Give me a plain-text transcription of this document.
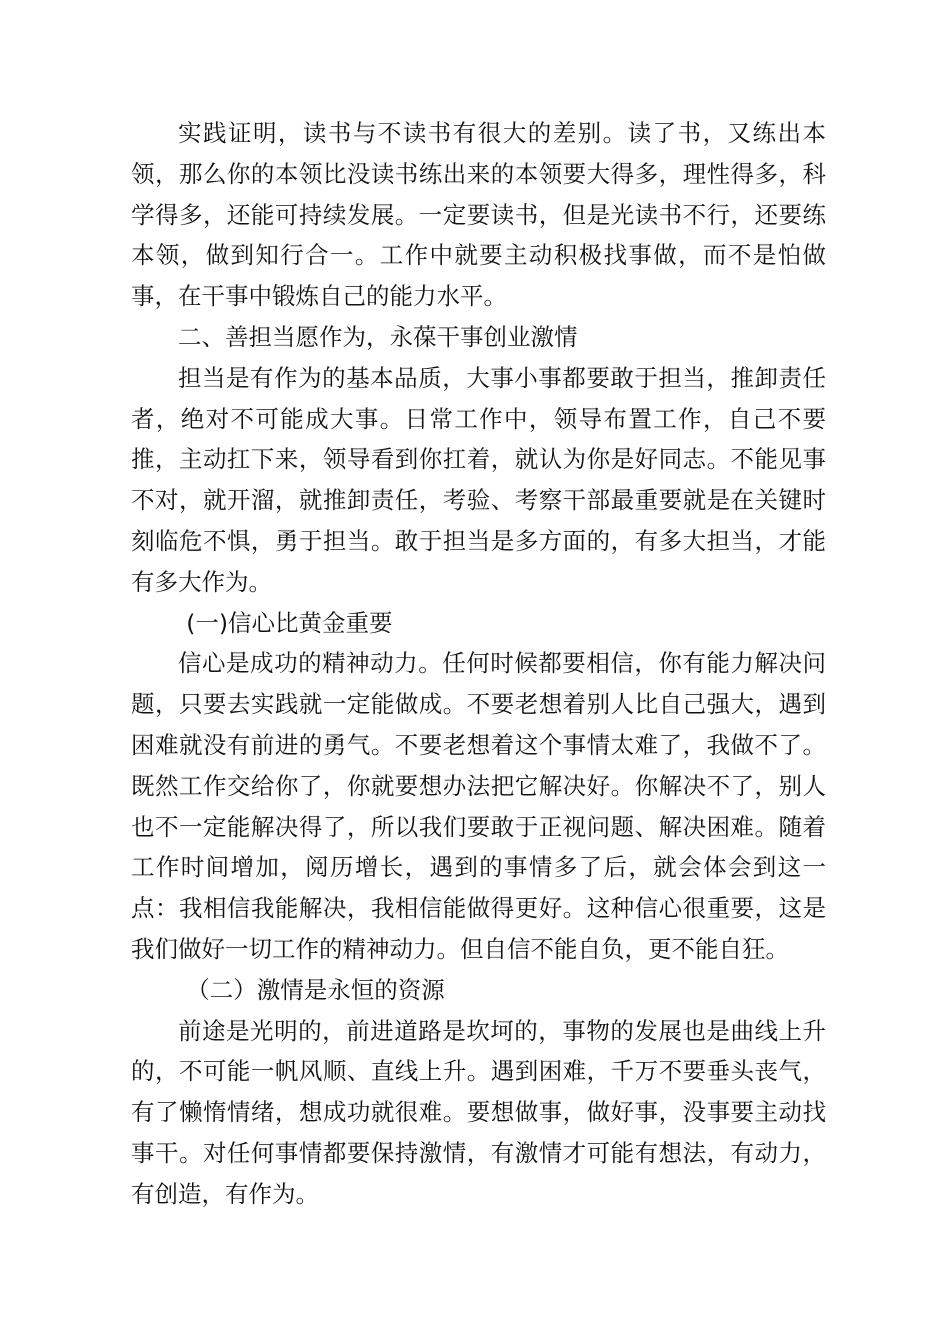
实践证明，读书与不读书有很大的差别。读了书，又练出本领，那么你的本领比没读书练出来的本领要大得多，理性得多，科学得多，还能可持续发展。一定要读书，但是光读书不行，还要练本领，做到知行合一。工作中就要主动积极找事做，而不是怕做事，在干事中锻炼自己的能力水平。

二、善担当愿作为，永葆干事创业激情

担当是有作为的基本品质，大事小事都要敢于担当，推卸责任者，绝对不可能成大事。日常工作中，领导布置工作，自己不要推，主动扛下来，领导看到你扛着，就认为你是好同志。不能见事不对，就开溜，就推卸责任，考验、考察干部最重要就是在关键时刻临危不惧，勇于担当。敢于担当是多方面的，有多大担当，才能有多大作为。

(一)信心比黄金重要

信心是成功的精神动力。任何时候都要相信，你有能力解决问题，只要去实践就一定能做成。不要老想着别人比自己强大，遇到困难就没有前进的勇气。不要老想着这个事情太难了，我做不了。既然工作交给你了，你就要想办法把它解决好。你解决不了，别人也不一定能解决得了，所以我们要敢于正视问题、解决困难。随着工作时间增加，阅历增长，遇到的事情多了后，就会体会到这一点：我相信我能解决，我相信能做得更好。这种信心很重要，这是我们做好一切工作的精神动力。但自信不能自负，更不能自狂。

（二）激情是永恒的资源

前途是光明的，前进道路是坎坷的，事物的发展也是曲线上升的，不可能一帆风顺、直线上升。遇到困难，千万不要垂头丧气，有了懒惰情绪，想成功就很难。要想做事，做好事，没事要主动找事干。对任何事情都要保持激情，有激情才可能有想法，有动力，有创造，有作为。
